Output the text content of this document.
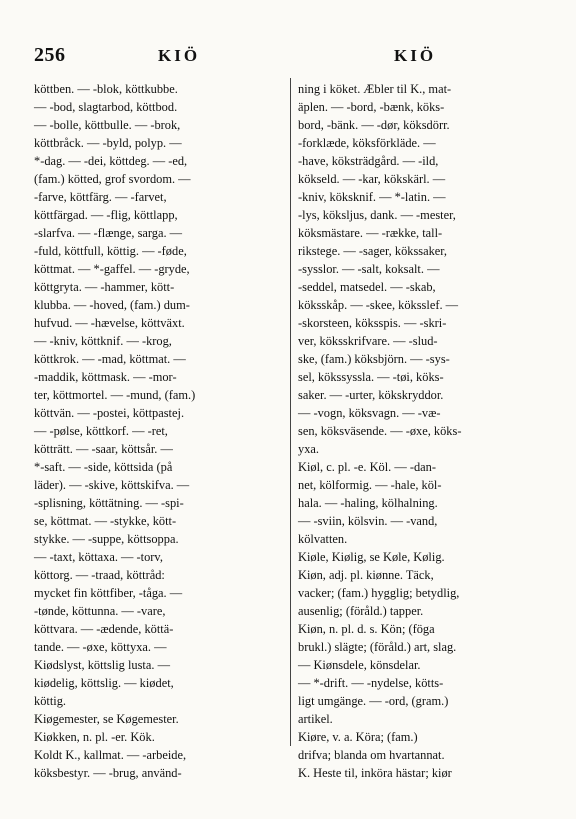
256	KIÖ	KIÖ
köttben. — -blok, köttkubbe.
— -bod, slagtarbod, köttbod.
— -bolle, köttbulle. — -brok,
köttbråck. — -byld, polyp. —
*-dag. — -dei, köttdeg. — -ed,
(fam.) kötted, grof svordom. —
-farve, köttfärg. — -farvet,
köttfärgad. — -flig, köttlapp,
-slarfva. — -flænge, sarga. —
-fuld, köttfull, köttig. — -føde,
köttmat. — *-gaffel. — -gryde,
köttgryta. — -hammer, kött-
klubba. — -hoved, (fam.) dum-
hufvud. — -hævelse, köttväxt.
— -kniv, köttknif. — -krog,
köttkrok. — -mad, köttmat. —
-maddik, köttmask. — -mor-
ter, köttmortel. — -mund, (fam.)
köttvän. — -postei, köttpastej.
— -pølse, köttkorf. — -ret,
kötträtt. — -saar, köttsår. —
*-saft. — -side, köttsida (på
läder). — -skive, köttskifva. —
-splisning, köttätning. — -spi-
se, köttmat. — -stykke, kött-
stykke. — -suppe, köttsoppa.
— -taxt, köttaxa. — -torv,
köttorg. — -traad, köttråd:
mycket fin köttfiber, -tåga. —
-tønde, köttunna. — -vare,
köttvara. — -ædende, köttä-
tande. — -øxe, köttyxa. —
Kiødslyst, köttslig lusta. —
kiødelig, köttslig. — kiødet,
köttig.
Kiøgemester, se Køgemester.
Kiøkken, n. pl. -er. Kök.
Koldt K., kallmat. — -arbeide,
köksbestyr. — -brug, använd-
ning i köket. Æbler til K., mat-
äplen. — -bord, -bænk, köks-
bord, -bänk. — -dør, köksdörr.
-forklæde, köksförkläde. —
-have, köksträdgård. — -ild,
köksеld. — -kar, kökskärl. —
-kniv, köksknif. — *-latin. —
-lys, köksljus, dank. — -mester,
köksmästare. — -række, tall-
rikstege. — -sager, kökssaker,
-sysslor. — -salt, koksalt. —
-seddel, matsedel. — -skab,
köksskåp. — -skee, köksslef. —
-skorsteen, köksspis. — -skri-
ver, köksskrifvare. — -slud-
ske, (fam.) köksbjörn. — -sys-
sel, kökssyssla. — -tøi, köks-
saker. — -urter, kökskryddor.
— -vogn, köksvagn. — -væ-
sen, köksväsende. — -øxe, köks-
yxa.
Kiøl, c. pl. -e. Köl. — -dan-
net, kölformig. — -hale, köl-
hala. — -haling, kölhalning.
— -sviin, kölsvin. — -vand,
kölvatten.
Kiøle, Kiølig, se Køle, Kølig.
Kiøn, adj. pl. kiønne. Täck,
vacker; (fam.) hygglig; betydlig,
ausenlig; (föråld.) tapper.
Kiøn, n. pl. d. s. Kön; (föga
brukl.) slägte; (föråld.) art, slag.
— Kiønsdele, könsdelar.
— *-drift. — -nydelse, kötts-
ligt umgänge. — -ord, (gram.)
artikel.
Kiøre, v. a. Köra; (fam.)
drifva; blanda om hvartannat.
K. Heste til, inköra hästar; kiør
